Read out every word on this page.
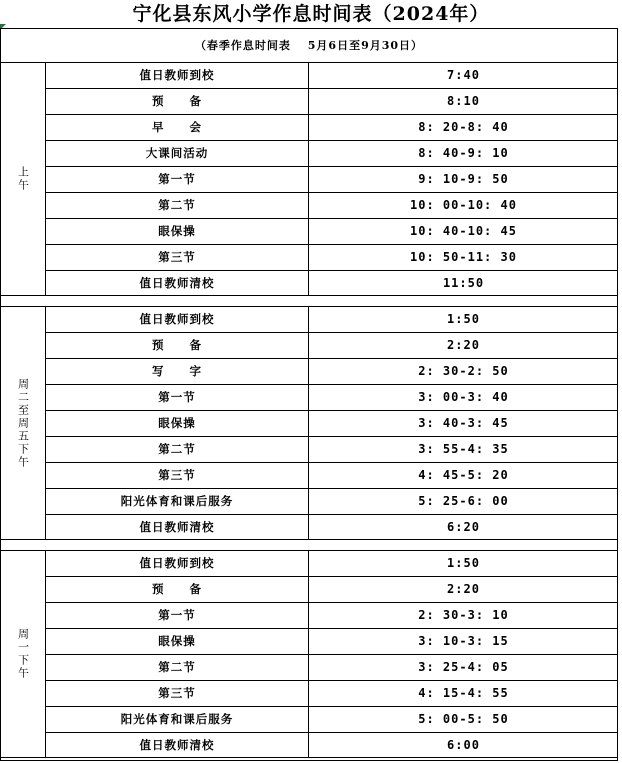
宁化县东风小学作息时间表（2024年）
（春季作息时间表　 5月6日至9月30日）
上午
值日教师到校	7:40
预　　备	8:10
早　　会	8: 20-8: 40
大课间活动	8: 40-9: 10
第一节	9: 10-9: 50
第二节	10: 00-10: 40
眼保操	10: 40-10: 45
第三节	10: 50-11: 30
值日教师清校	11:50
周二至周五下午
值日教师到校	1:50
预　　备	2:20
写　　字	2: 30-2: 50
第一节	3: 00-3: 40
眼保操	3: 40-3: 45
第二节	3: 55-4: 35
第三节	4: 45-5: 20
阳光体育和课后服务	5: 25-6: 00
值日教师清校	6:20
周一下午
值日教师到校	1:50
预　　备	2:20
第一节	2: 30-3: 10
眼保操	3: 10-3: 15
第二节	3: 25-4: 05
第三节	4: 15-4: 55
阳光体育和课后服务	5: 00-5: 50
值日教师清校	6:00
